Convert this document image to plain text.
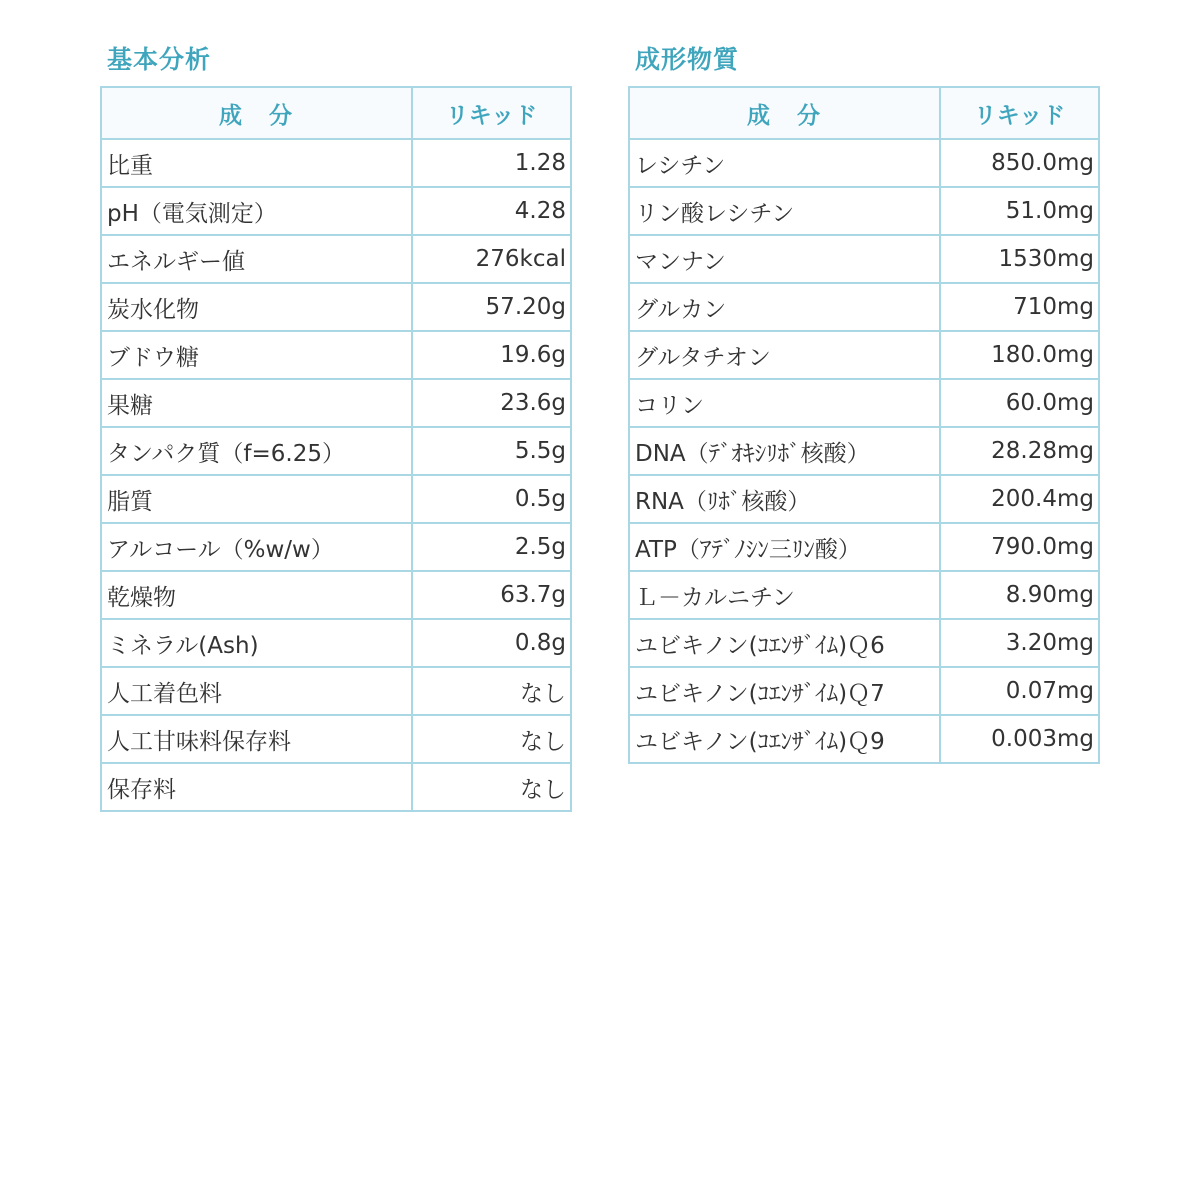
基本分析
成　分	リキッド
比重	1.28
pH（電気測定）	4.28
エネルギー値	276kcal
炭水化物	57.20g
ブドウ糖	19.6g
果糖	23.6g
タンパク質（f=6.25）	5.5g
脂質	0.5g
アルコール（%w/w）	2.5g
乾燥物	63.7g
ミネラル(Ash)	0.8g
人工着色料	なし
人工甘味料保存料	なし
保存料	なし
成形物質
成　分	リキッド
レシチン	850.0mg
リン酸レシチン	51.0mg
マンナン	1530mg
グルカン	710mg
グルタチオン	180.0mg
コリン	60.0mg
DNA（ﾃﾞｵｷｼﾘﾎﾞ核酸）	28.28mg
RNA（ﾘﾎﾞ核酸）	200.4mg
ATP（ｱﾃﾞﾉｼﾝ三ﾘﾝ酸）	790.0mg
Ｌ－カルニチン	8.90mg
ユビキノン(ｺｴﾝｻﾞｲﾑ)Ｑ6	3.20mg
ユビキノン(ｺｴﾝｻﾞｲﾑ)Ｑ7	0.07mg
ユビキノン(ｺｴﾝｻﾞｲﾑ)Ｑ9	0.003mg
